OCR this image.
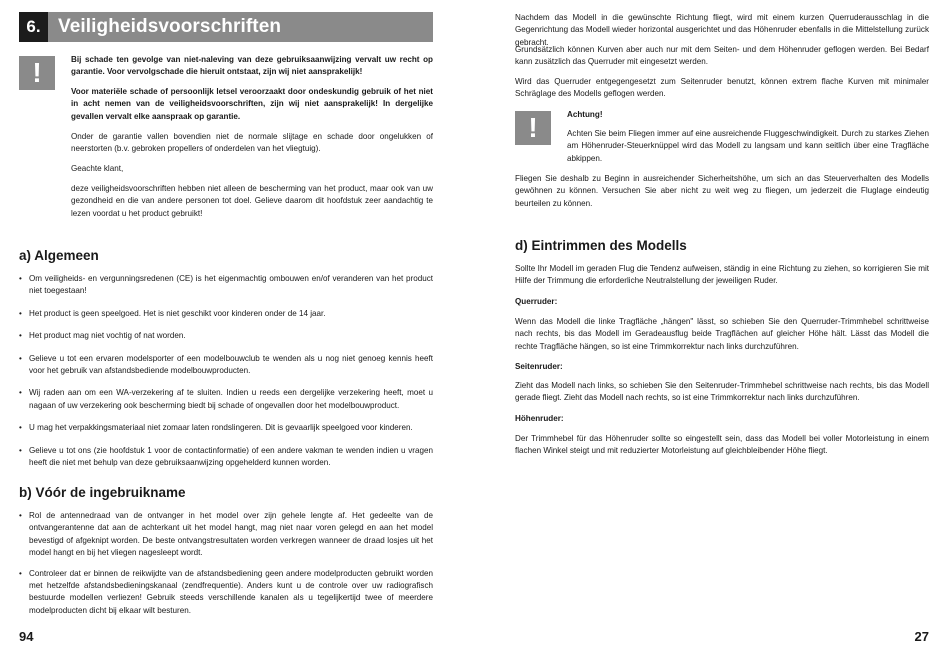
6. Veiligheidsvoorschriften
!	Bij schade ten gevolge van niet-naleving van deze gebruiksaanwijzing vervalt uw recht op garantie. Voor vervolgschade die hieruit ontstaat, zijn wij niet aansprakelijk!

Voor materiële schade of persoonlijk letsel veroorzaakt door ondeskundig gebruik of het niet in acht nemen van de veiligheidsvoorschriften, zijn wij niet aansprakelijk! In dergelijke gevallen vervalt elke aanspraak op garantie.

Onder de garantie vallen bovendien niet de normale slijtage en schade door ongelukken of neerstorten (b.v. gebroken propellers of onderdelen van het vliegtuig).

Geachte klant,

deze veiligheidsvoorschriften hebben niet alleen de bescherming van het product, maar ook van uw gezondheid en die van andere personen tot doel. Gelieve daarom dit hoofdstuk zeer aandachtig te lezen voordat u het product gebruikt!

a) Algemeen
• Om veiligheids- en vergunningsredenen (CE) is het eigenmachtig ombouwen en/of veranderen van het product niet toegestaan!
• Het product is geen speelgoed. Het is niet geschikt voor kinderen onder de 14 jaar.
• Het product mag niet vochtig of nat worden.
• Gelieve u tot een ervaren modelsporter of een modelbouwclub te wenden als u nog niet genoeg kennis heeft voor het gebruik van afstandsbediende modelbouwproducten.
• Wij raden aan om een WA-verzekering af te sluiten. Indien u reeds een dergelijke verzekering heeft, moet u nagaan of uw verzekering ook bescherming biedt bij schade of ongevallen door het modelbouwproduct.
• U mag het verpakkingsmateriaal niet zomaar laten rondslingeren. Dit is gevaarlijk speelgoed voor kinderen.
• Gelieve u tot ons (zie hoofdstuk 1 voor de contactinformatie) of een andere vakman te wenden indien u vragen heeft die niet met behulp van deze gebruiksaanwijzing opgehelderd kunnen worden.
b) Vóór de ingebruikname
• Rol de antennedraad van de ontvanger in het model over zijn gehele lengte af. Het gedeelte van de ontvangerantenne dat aan de achterkant uit het model hangt, mag niet naar voren gelegd en aan het model bevestigd of afgeknipt worden. De beste ontvangstresultaten worden verkregen wanneer de draad losjes uit het model hangt en bij het vliegen nagesleept wordt.
• Controleer dat er binnen de reikwijdte van de afstandsbediening geen andere modelproducten gebruikt worden met hetzelfde afstandsbedieningskanaal (zendfrequentie). Anders kunt u de controle over uw radiografisch bestuurde modellen verliezen! Gebruik steeds verschillende kanalen als u tegelijkertijd twee of meerdere modelproducten dicht bij elkaar wilt besturen.
94

Nachdem das Modell in die gewünschte Richtung fliegt, wird mit einem kurzen Querruderausschlag in die Gegenrichtung das Modell wieder horizontal ausgerichtet und das Höhenruder ebenfalls in die Mittelstellung zurück gebracht.

Grundsätzlich können Kurven aber auch nur mit dem Seiten- und dem Höhenruder geflogen werden. Bei Bedarf kann zusätzlich das Querruder mit eingesetzt werden.

Wird das Querruder entgegengesetzt zum Seitenruder benutzt, können extrem flache Kurven mit minimaler Schräglage des Modells geflogen werden.

Achtung!

Achten Sie beim Fliegen immer auf eine ausreichende Fluggeschwindigkeit. Durch zu starkes Ziehen am Höhenruder-Steuerknüppel wird das Modell zu langsam und kann seitlich über eine Tragfläche abkippen.

Fliegen Sie deshalb zu Beginn in ausreichender Sicherheitshöhe, um sich an das Steuerverhalten des Modells gewöhnen zu können. Versuchen Sie aber nicht zu weit weg zu fliegen, um jederzeit die Fluglage eindeutig beurteilen zu können.

d) Eintrimmen des Modells

Sollte Ihr Modell im geraden Flug die Tendenz aufweisen, ständig in eine Richtung zu ziehen, so korrigieren Sie mit Hilfe der Trimmung die erforderliche Neutralstellung der jeweiligen Ruder.

Querruder:

Wenn das Modell die linke Tragfläche „hängen" lässt, so schieben Sie den Querruder-Trimmhebel schrittweise nach rechts, bis das Modell im Geradeausflug beide Tragflächen auf gleicher Höhe hält. Lässt das Modell die rechte Tragfläche hängen, so ist eine Trimmkorrektur nach links durchzuführen.

Seitenruder:

Zieht das Modell nach links, so schieben Sie den Seitenruder-Trimmhebel schrittweise nach rechts, bis das Modell gerade fliegt. Zieht das Modell nach rechts, so ist eine Trimmkorrektur nach links durchzuführen.

Höhenruder:

Der Trimmhebel für das Höhenruder sollte so eingestellt sein, dass das Modell bei voller Motorleistung in einem flachen Winkel steigt und mit reduzierter Motorleistung auf gleichbleibender Höhe fliegt.

!
27
